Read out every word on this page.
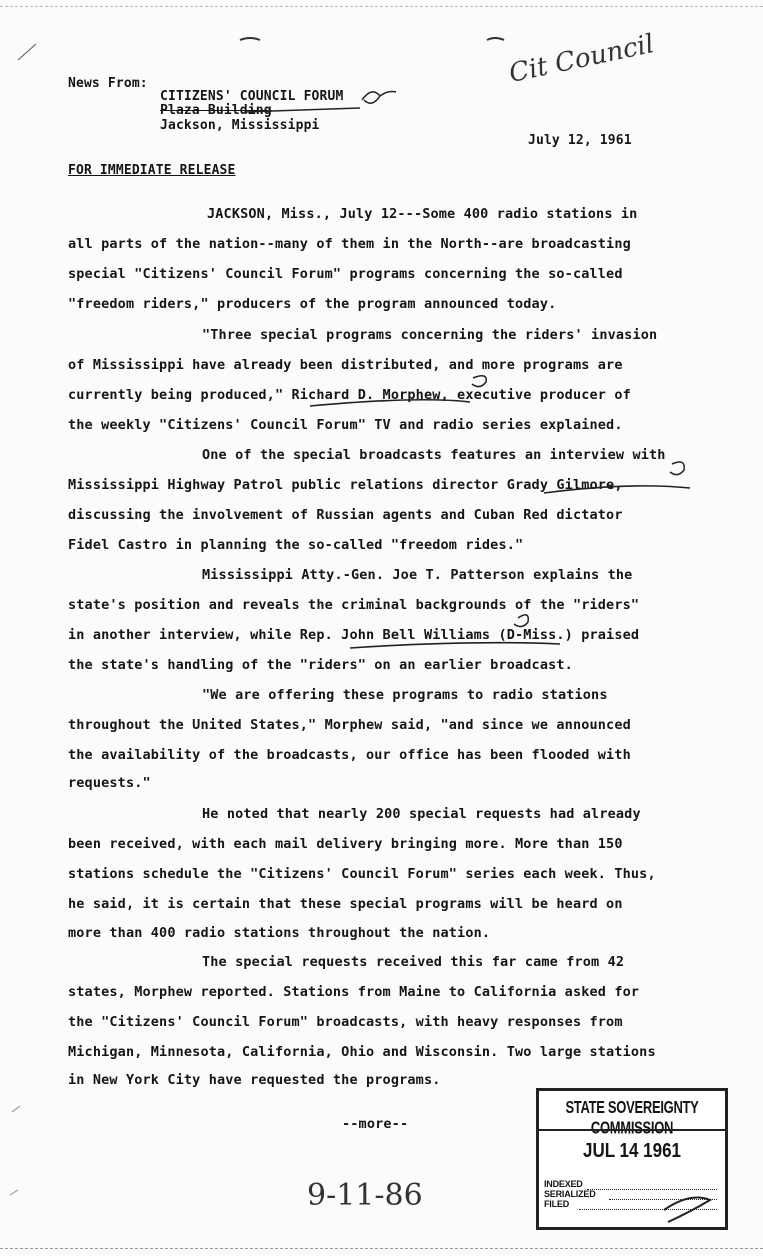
News From:
CITIZENS' COUNCIL FORUM
Plaza Building
Jackson, Mississippi
July 12, 1961
FOR IMMEDIATE RELEASE
Cit Council
JACKSON, Miss., July 12---Some 400 radio stations in
all parts of the nation--many of them in the North--are broadcasting
special "Citizens' Council Forum" programs concerning the so-called
"freedom riders," producers of the program announced today.
"Three special programs concerning the riders' invasion
of Mississippi have already been distributed, and more programs are
currently being produced," Richard D. Morphew, executive producer of
the weekly "Citizens' Council Forum" TV and radio series explained.
One of the special broadcasts features an interview with
Mississippi Highway Patrol public relations director Grady Gilmore,
discussing the involvement of Russian agents and Cuban Red dictator
Fidel Castro in planning the so-called "freedom rides."
Mississippi Atty.-Gen. Joe T. Patterson explains the
state's position and reveals the criminal backgrounds of the "riders"
in another interview, while Rep. John Bell Williams (D-Miss.) praised
the state's handling of the "riders" on an earlier broadcast.
"We are offering these programs to radio stations
throughout the United States," Morphew said, "and since we announced
the availability of the broadcasts, our office has been flooded with
requests."
He noted that nearly 200 special requests had already
been received, with each mail delivery bringing more. More than 150
stations schedule the "Citizens' Council Forum" series each week. Thus,
he said, it is certain that these special programs will be heard on
more than 400 radio stations throughout the nation.
The special requests received this far came from 42
states, Morphew reported. Stations from Maine to California asked for
the "Citizens' Council Forum" broadcasts, with heavy responses from
Michigan, Minnesota, California, Ohio and Wisconsin. Two large stations
in New York City have requested the programs.
--more--
9-11-86
STATE SOVEREIGNTY COMMISSION
JUL 14 1961
INDEXED
SERIALIZED
FILED
